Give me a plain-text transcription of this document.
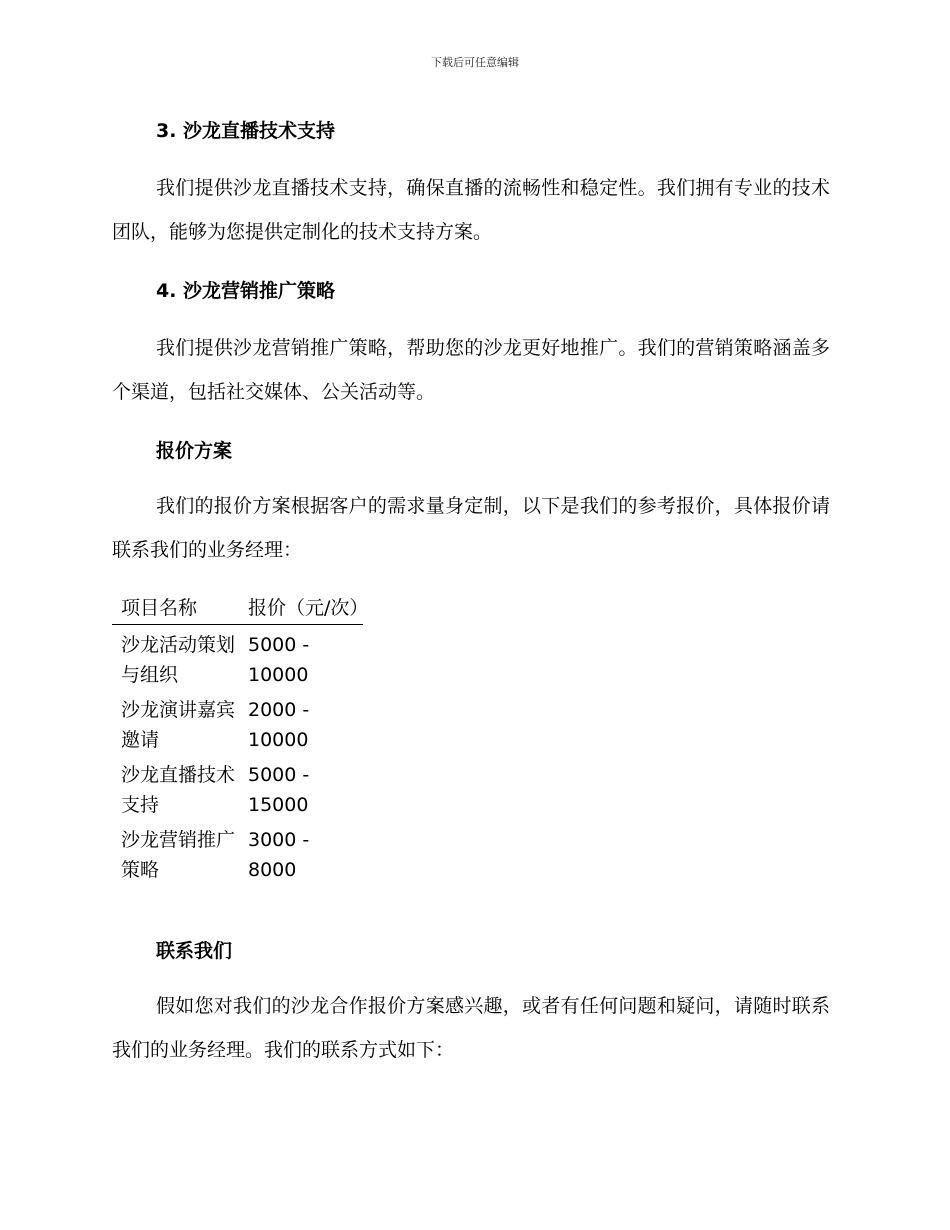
下载后可任意编辑
3. 沙龙直播技术支持

我们提供沙龙直播技术支持，确保直播的流畅性和稳定性。我们拥有专业的技术团队，能够为您提供定制化的技术支持方案。

4. 沙龙营销推广策略

我们提供沙龙营销推广策略，帮助您的沙龙更好地推广。我们的营销策略涵盖多个渠道，包括社交媒体、公关活动等。

报价方案

我们的报价方案根据客户的需求量身定制，以下是我们的参考报价，具体报价请联系我们的业务经理：

项目名称	报价（元/次）
沙龙活动策划与组织	5000 - 10000
沙龙演讲嘉宾邀请	2000 - 10000
沙龙直播技术支持	5000 - 15000
沙龙营销推广策略	3000 - 8000
联系我们

假如您对我们的沙龙合作报价方案感兴趣，或者有任何问题和疑问，请随时联系我们的业务经理。我们的联系方式如下：
